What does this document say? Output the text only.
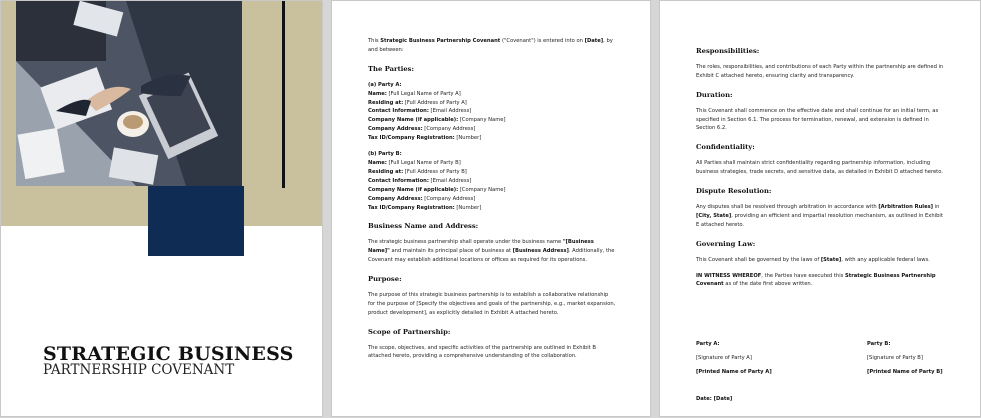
STRATEGIC BUSINESS
PARTNERSHIP COVENANT

This Strategic Business Partnership Covenant ("Covenant") is entered into on [Date], by and between:

The Parties:

(a) Party A:

Name: [Full Legal Name of Party A]

Residing at: [Full Address of Party A]

Contact Information: [Email Address]

Company Name (if applicable): [Company Name]

Company Address: [Company Address]

Tax ID/Company Registration: [Number]

(b) Party B:

Name: [Full Legal Name of Party B]

Residing at: [Full Address of Party B]

Contact Information: [Email Address]

Company Name (if applicable): [Company Name]

Company Address: [Company Address]

Tax ID/Company Registration: [Number]

Business Name and Address:

The strategic business partnership shall operate under the business name "[Business Name]" and maintain its principal place of business at [Business Address]. Additionally, the Covenant may establish additional locations or offices as required for its operations.

Purpose:

The purpose of this strategic business partnership is to establish a collaborative relationship for the purpose of [Specify the objectives and goals of the partnership, e.g., market expansion, product development], as explicitly detailed in Exhibit A attached hereto.

Scope of Partnership:

The scope, objectives, and specific activities of the partnership are outlined in Exhibit B attached hereto, providing a comprehensive understanding of the collaboration.

Responsibilities:

The roles, responsibilities, and contributions of each Party within the partnership are defined in Exhibit C attached hereto, ensuring clarity and transparency.

Duration:

This Covenant shall commence on the effective date and shall continue for an initial term, as specified in Section 6.1. The process for termination, renewal, and extension is defined in Section 6.2.

Confidentiality:

All Parties shall maintain strict confidentiality regarding partnership information, including business strategies, trade secrets, and sensitive data, as detailed in Exhibit D attached hereto.

Dispute Resolution:

Any disputes shall be resolved through arbitration in accordance with [Arbitration Rules] in [City, State], providing an efficient and impartial resolution mechanism, as outlined in Exhibit E attached hereto.

Governing Law:

This Covenant shall be governed by the laws of [State], with any applicable federal laws.

IN WITNESS WHEREOF, the Parties have executed this Strategic Business Partnership Covenant as of the date first above written.

Party A:

[Signature of Party A]

[Printed Name of Party A]

Date: [Date]

Party B:

[Signature of Party B]

[Printed Name of Party B]
